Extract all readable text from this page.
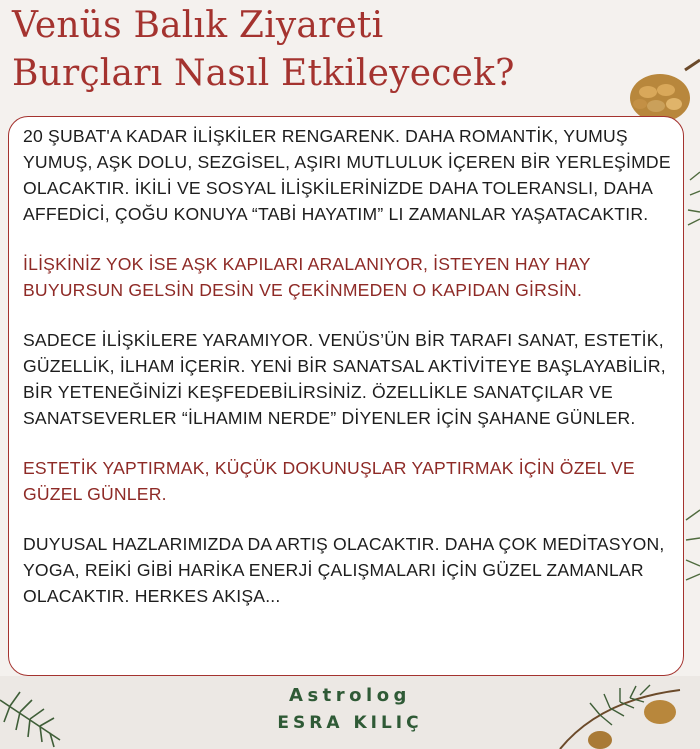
Venüs Balık Ziyareti
Burçları Nasıl Etkileyecek?

20 ŞUBAT'A KADAR İLİŞKİLER RENGARENK. DAHA ROMANTİK, YUMUŞ YUMUŞ, AŞK DOLU, SEZGİSEL, AŞIRI MUTLULUK İÇEREN BİR YERLEŞİMDE OLACAKTIR. İKİLİ VE SOSYAL İLİŞKİLERİNİZDE DAHA TOLERANSLI, DAHA AFFEDİCİ, ÇOĞU KONUYA “TABİ HAYATIM” LI ZAMANLAR YAŞATACAKTIR.

İLİŞKİNİZ YOK İSE AŞK KAPILARI ARALANIYOR, İSTEYEN HAY HAY BUYURSUN GELSİN DESİN VE ÇEKİNMEDEN O KAPIDAN GİRSİN.

SADECE İLİŞKİLERE YARAMIYOR. VENÜS’ÜN BİR TARAFI SANAT, ESTETİK, GÜZELLİK, İLHAM İÇERİR. YENİ BİR SANATSAL AKTİVİTEYE BAŞLAYABİLİR, BİR YETENEĞİNİZİ KEŞFEDEBİLİRSİNİZ. ÖZELLİKLE SANATÇILAR VE SANATSEVERLER “İLHAMIM NERDE” DİYENLER İÇİN ŞAHANE GÜNLER.

ESTETİK YAPTIRMAK, KÜÇÜK DOKUNUŞLAR YAPTIRMAK İÇİN ÖZEL VE GÜZEL GÜNLER.

DUYUSAL HAZLARIMIZDA DA ARTIŞ OLACAKTIR. DAHA ÇOK MEDİTASYON, YOGA, REİKİ GİBİ HARİKA ENERJİ ÇALIŞMALARI İÇİN GÜZEL ZAMANLAR OLACAKTIR. HERKES AKIŞA...

Astrolog
ESRA KILIÇ
